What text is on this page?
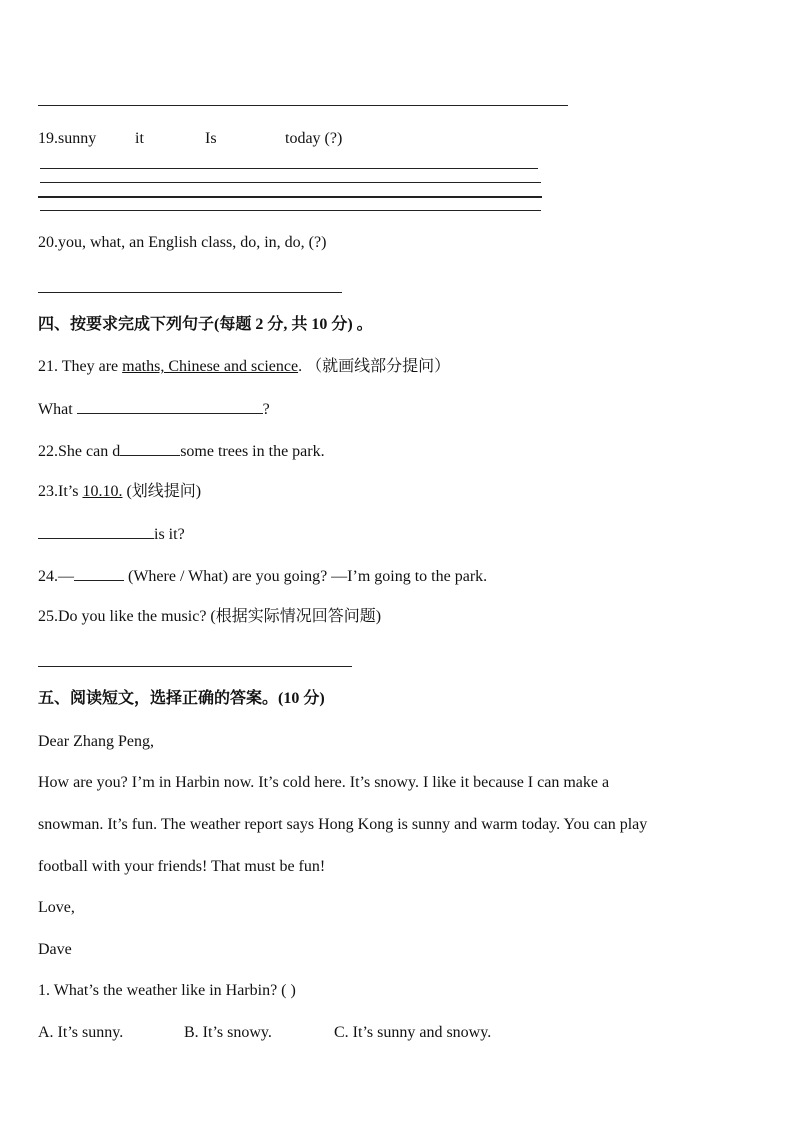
19.sunny it	Is	today (?)
20.you, what, an English class, do, in, do, (?)
四、按要求完成下列句子(每题 2 分, 共 10 分) 。
21. They are maths, Chinese and science. （就画线部分提问）
What	?
22.She can d	some trees in the park.
23.It’s 10.10. (划线提问)
is it?
24.—	(Where / What) are you going? —I’m going to the park.
25.Do you like the music? (根据实际情况回答问题)
五、阅读短文，选择正确的答案。(10 分)
Dear Zhang Peng,
How are you? I’m in Harbin now. It’s cold here. It’s snowy. I like it because I can make a
snowman. It’s fun. The weather report says Hong Kong is sunny and warm today. You can play
football with your friends! That must be fun!
Love,
Dave
1. What’s the weather like in Harbin? ( )
A. It’s sunny.	B. It’s snowy.	C. It’s sunny and snowy.
